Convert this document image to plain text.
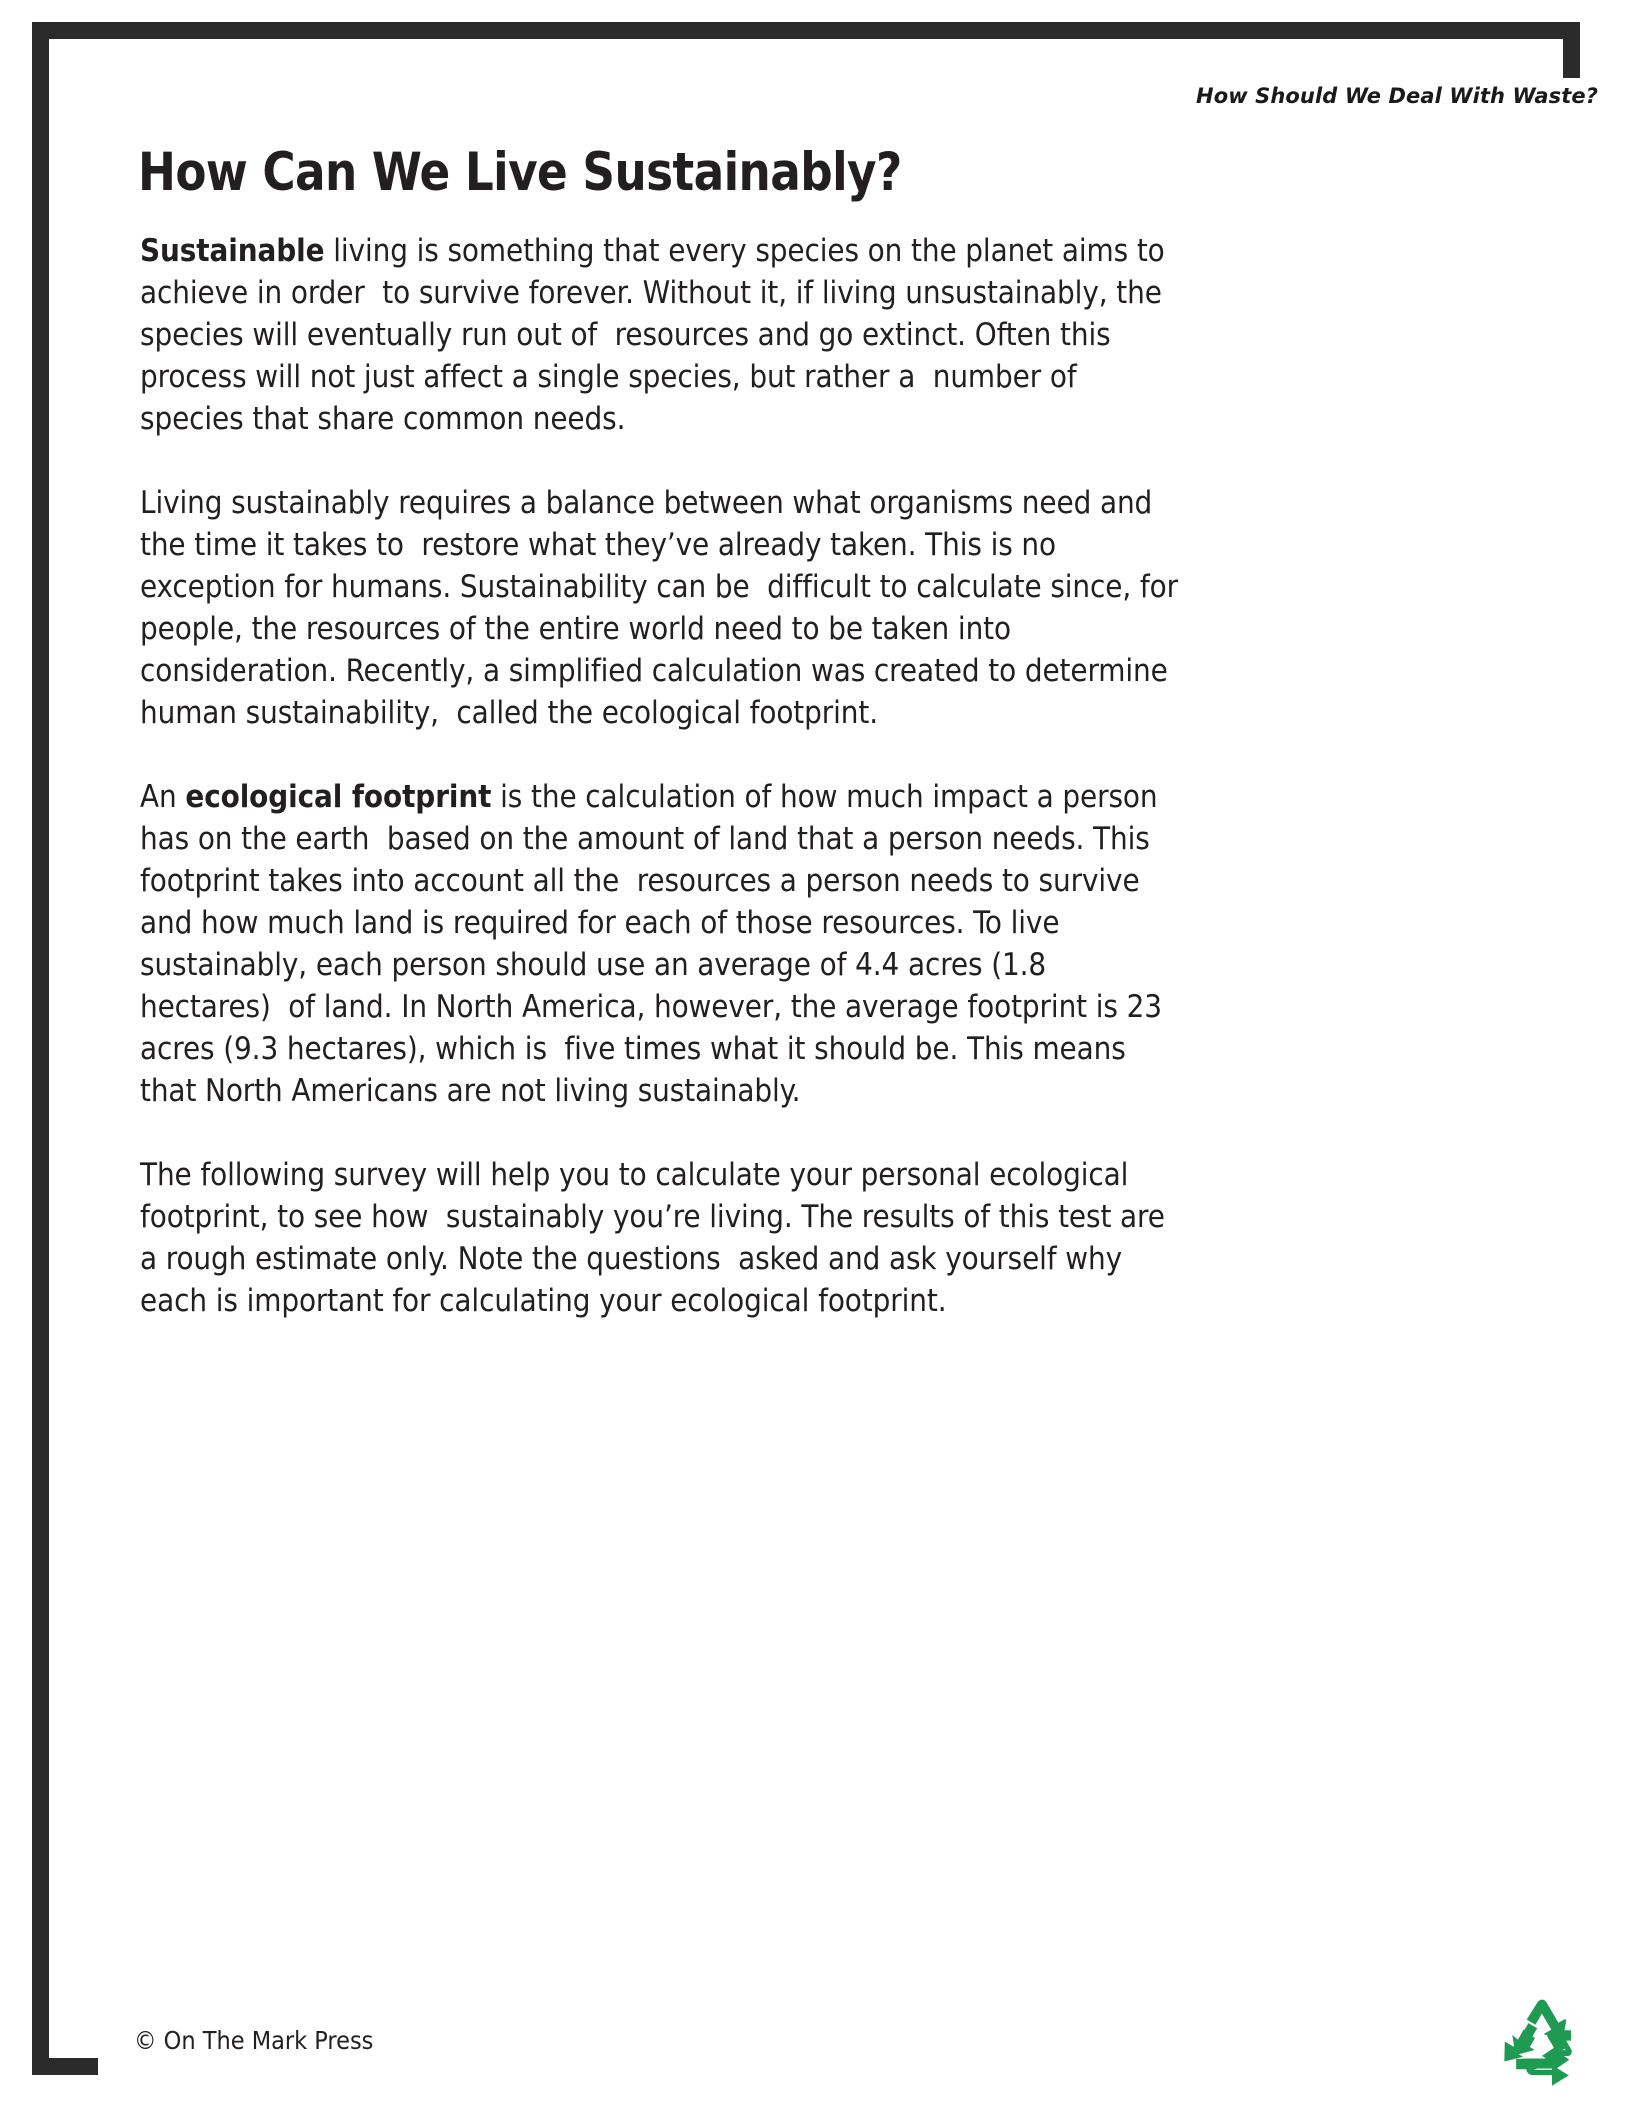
How Should We Deal With Waste?
How Can We Live Sustainably?

Sustainable living is something that every species on the planet aims to achieve in order  to survive forever. Without it, if living unsustainably, the species will eventually run out of  resources and go extinct. Often this process will not just affect a single species, but rather a  number of species that share common needs.

Living sustainably requires a balance between what organisms need and the time it takes to  restore what they’ve already taken. This is no exception for humans. Sustainability can be  difficult to calculate since, for people, the resources of the entire world need to be taken into consideration. Recently, a simplified calculation was created to determine human sustainability,  called the ecological footprint.

An ecological footprint is the calculation of how much impact a person has on the earth  based on the amount of land that a person needs. This footprint takes into account all the  resources a person needs to survive and how much land is required for each of those resources. To live sustainably, each person should use an average of 4.4 acres (1.8 hectares)  of land. In North America, however, the average footprint is 23 acres (9.3 hectares), which is  five times what it should be. This means that North Americans are not living sustainably.

The following survey will help you to calculate your personal ecological footprint, to see how  sustainably you’re living. The results of this test are a rough estimate only. Note the questions  asked and ask yourself why each is important for calculating your ecological footprint.

© On The Mark Press
